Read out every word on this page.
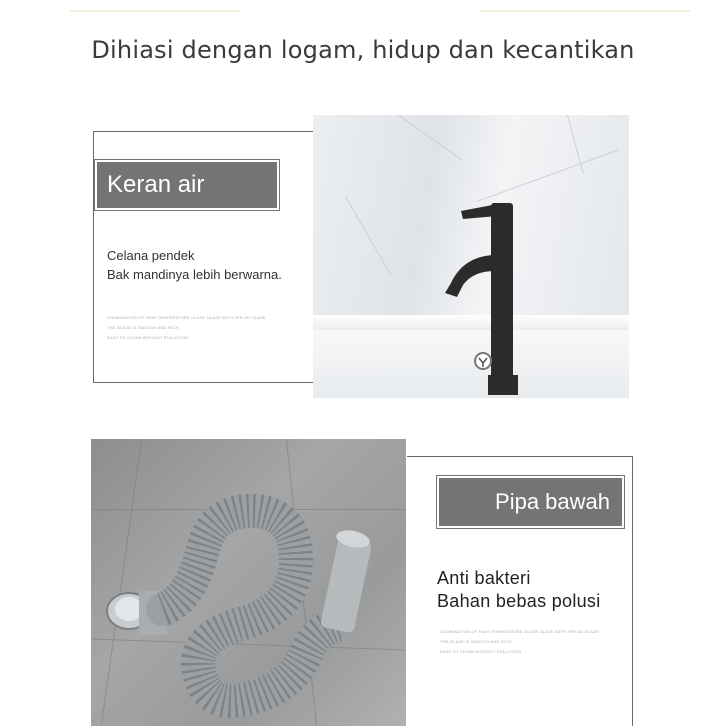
Dihiasi dengan logam, hidup dan kecantikan
Keran air
Celana pendek
Bak mandinya lebih berwarna.
COMBINATION OF HIGH TEMPERATURE GLAZE GLAZE WITH 3PR UD GLAZE
THE GLAZE IS SMOOTH AND RICH
EASY TO CLEAN WITHOUT POLLUTION
Pipa bawah
Anti bakteri
Bahan bebas polusi
COMBINATION OF HIGH TEMPERATURE GLAZE GLAZE WITH 3PR UD GLAZE
THE GLAZE IS SMOOTH AND RICH
EASY TO CLEAN WITHOUT POLLUTION
